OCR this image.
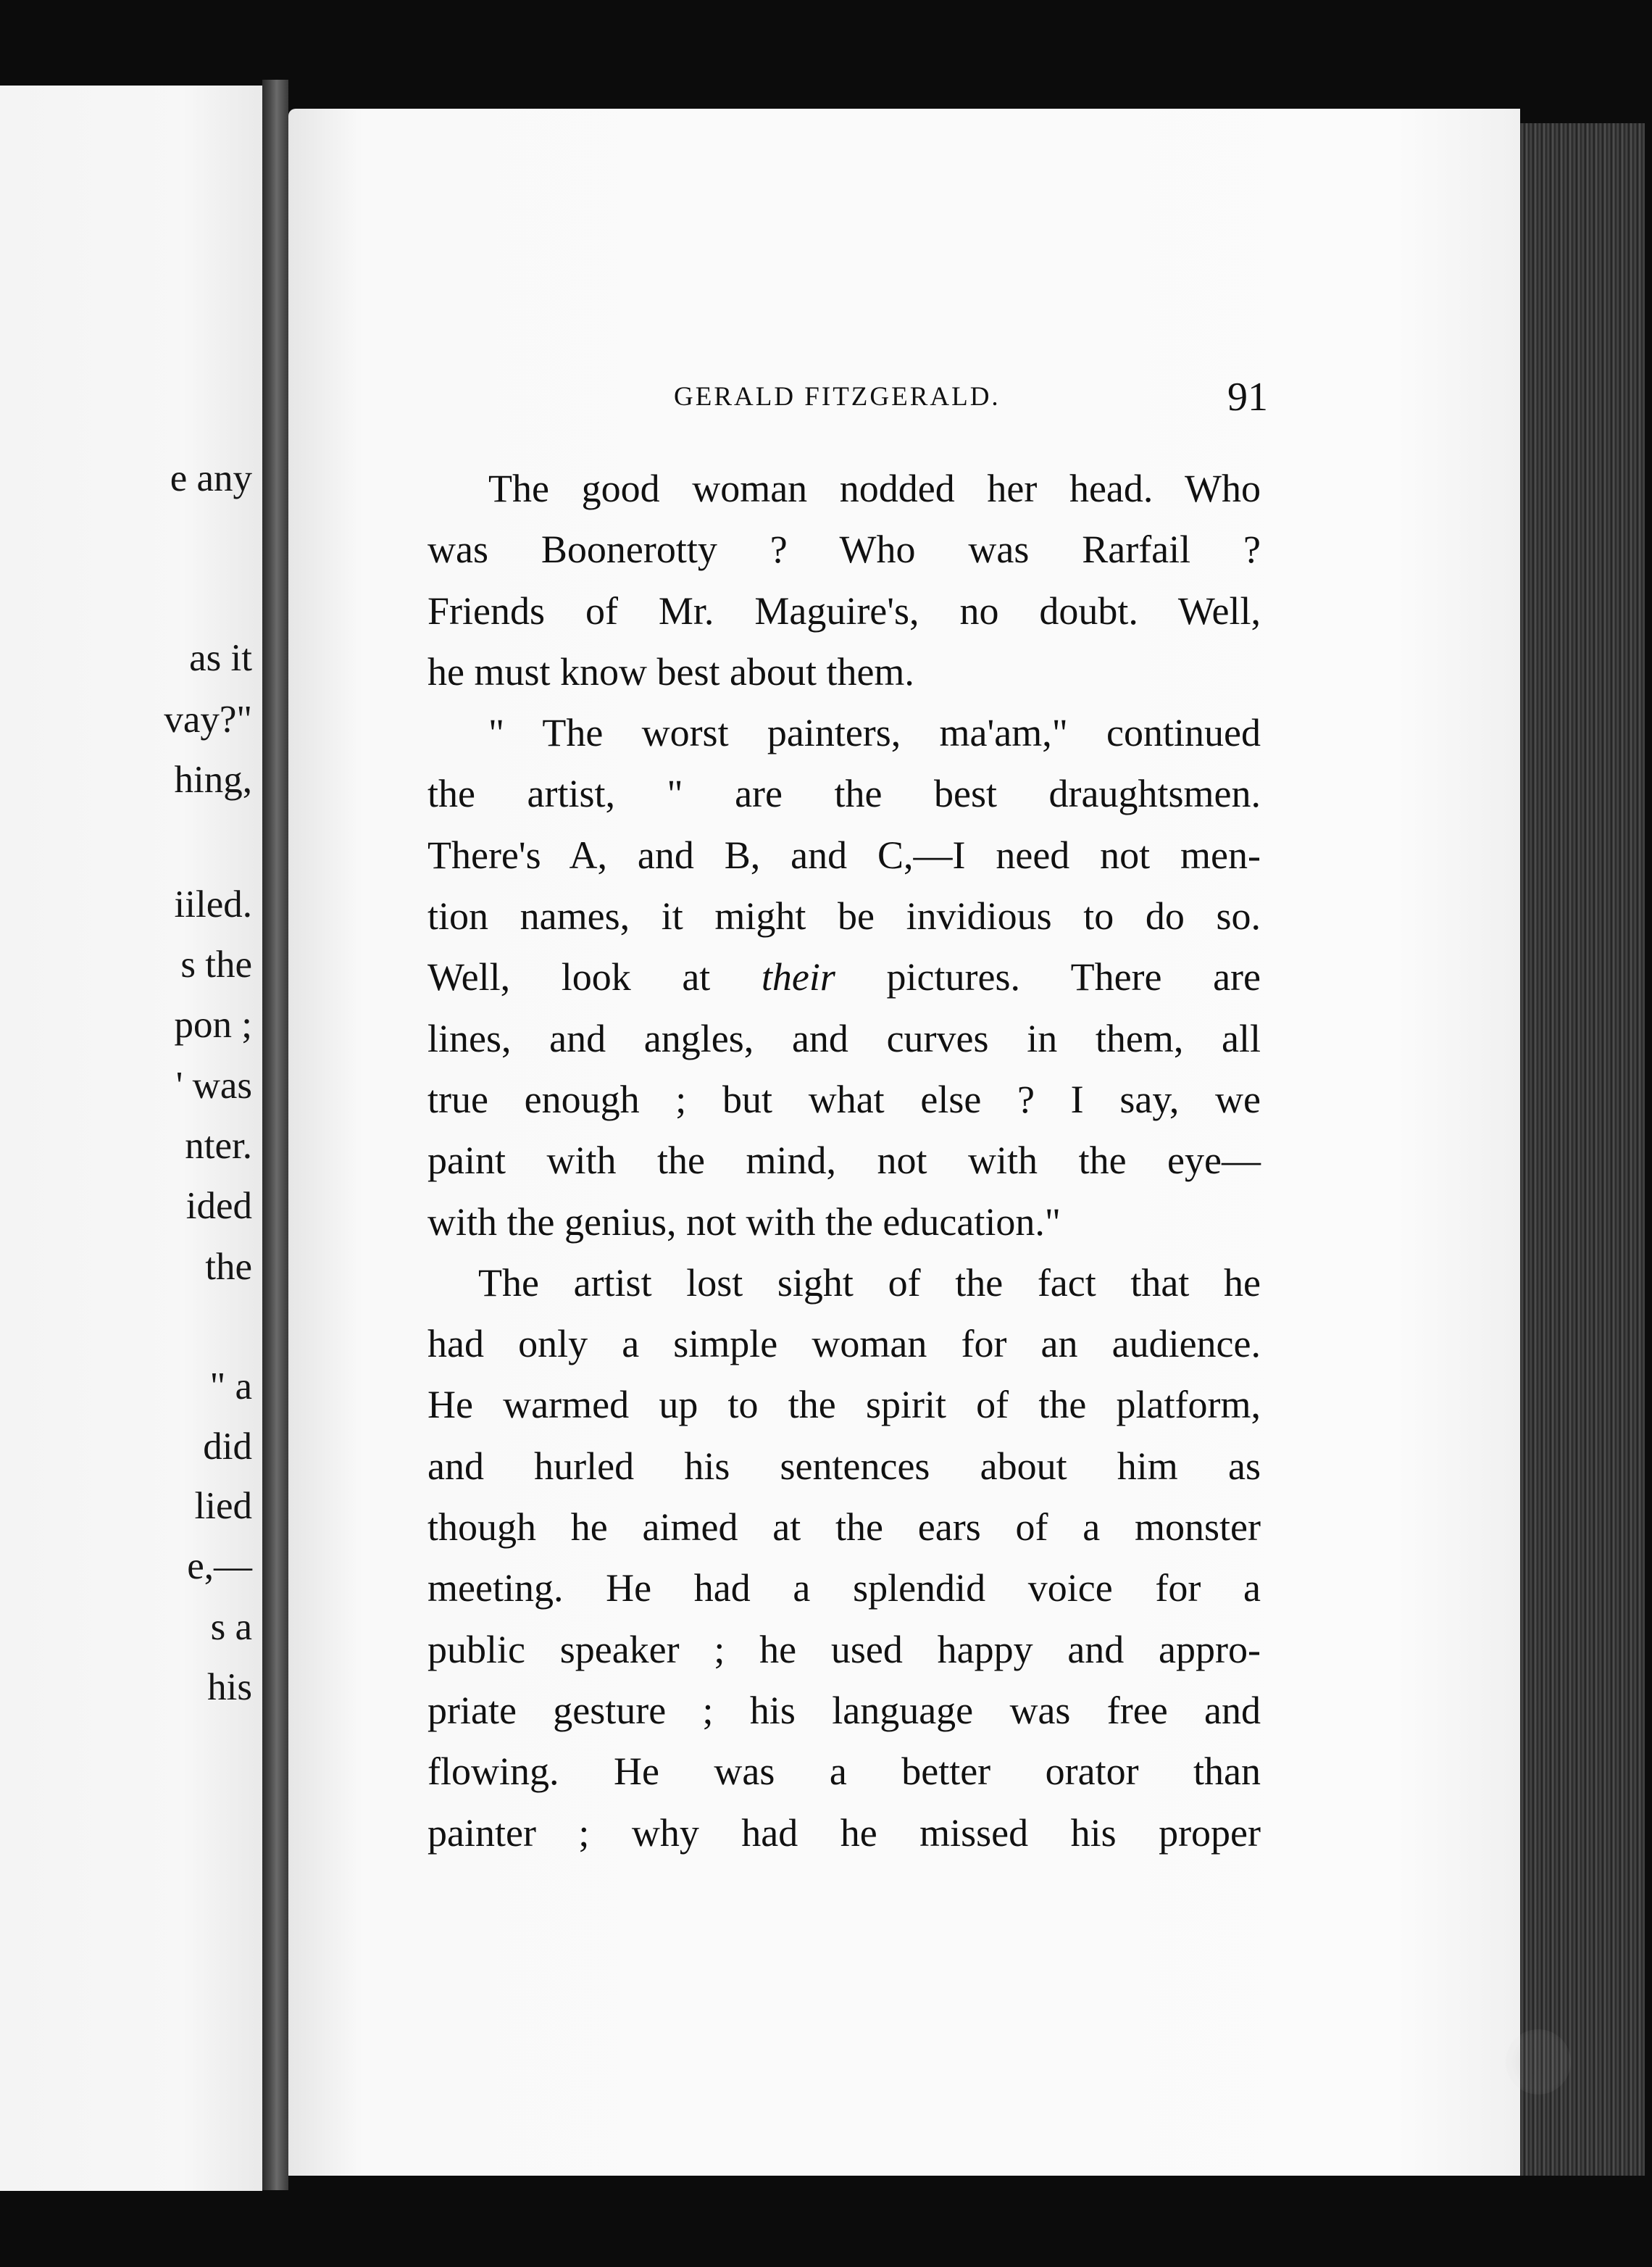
e any
as it
vay?"
hing,
iiled.
s the
pon ;
' was
nter.
ided
the
" a
did
lied
e,—
s a
his
GERALD FITZGERALD.	91
The good woman nodded her head. Who
was Boonerotty ? Who was Rarfail ?
Friends of Mr. Maguire's, no doubt. Well,
he must know best about them.
" The worst painters, ma'am," continued
the artist, " are the best draughtsmen.
There's A, and B, and C,—I need not men-
tion names, it might be invidious to do so.
Well, look at their pictures. There are
lines, and angles, and curves in them, all
true enough ; but what else ? I say, we
paint with the mind, not with the eye—
with the genius, not with the education."
The artist lost sight of the fact that he
had only a simple woman for an audience.
He warmed up to the spirit of the platform,
and hurled his sentences about him as
though he aimed at the ears of a monster
meeting. He had a splendid voice for a
public speaker ; he used happy and appro-
priate gesture ; his language was free and
flowing. He was a better orator than
painter ; why had he missed his proper
